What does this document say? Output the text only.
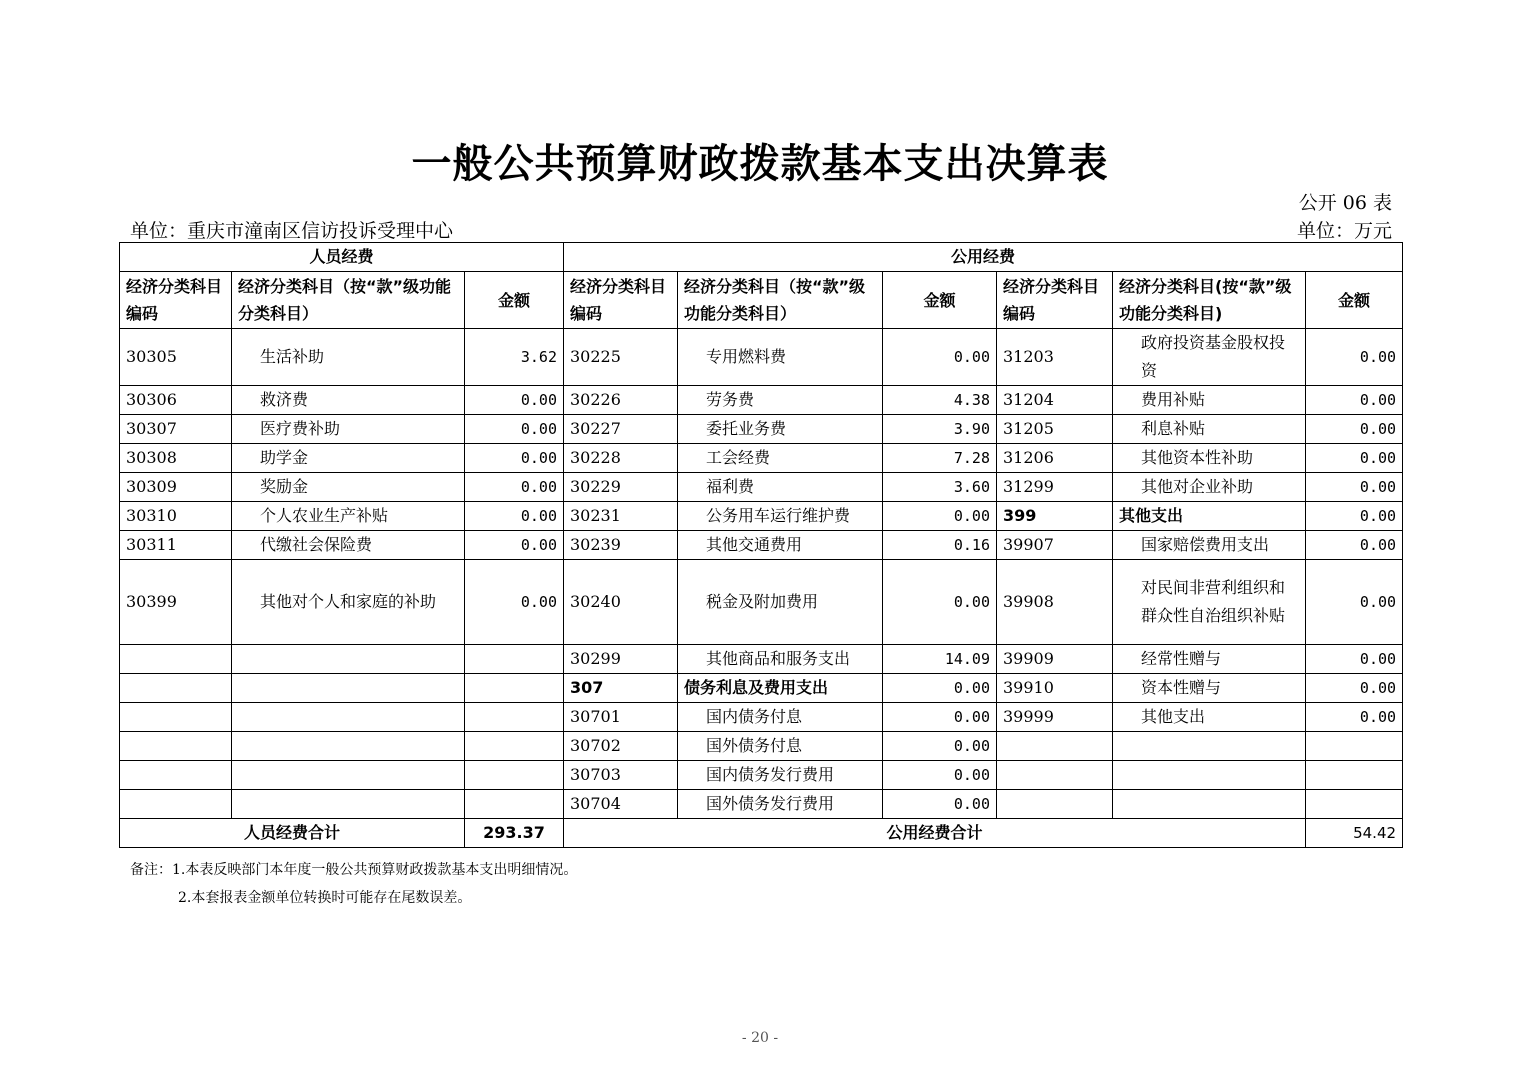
一般公共预算财政拨款基本支出决算表
公开 06 表
单位：重庆市潼南区信访投诉受理中心	单位：万元
人员经费			公用经费					
经济分类科目编码	经济分类科目（按“款”级功能分类科目）	金额	经济分类科目编码	经济分类科目（按“款”级功能分类科目）	金额	经济分类科目编码	经济分类科目(按“款”级功能分类科目)	金额
30305	生活补助	3.62	30225	专用燃料费	0.00	31203	政府投资基金股权投资	0.00
30306	救济费	0.00	30226	劳务费	4.38	31204	费用补贴	0.00
30307	医疗费补助	0.00	30227	委托业务费	3.90	31205	利息补贴	0.00
30308	助学金	0.00	30228	工会经费	7.28	31206	其他资本性补助	0.00
30309	奖励金	0.00	30229	福利费	3.60	31299	其他对企业补助	0.00
30310	个人农业生产补贴	0.00	30231	公务用车运行维护费	0.00	399	其他支出	0.00
30311	代缴社会保险费	0.00	30239	其他交通费用	0.16	39907	国家赔偿费用支出	0.00
30399	其他对个人和家庭的补助	0.00	30240	税金及附加费用	0.00	39908	对民间非营利组织和群众性自治组织补贴	0.00
			30299	其他商品和服务支出	14.09	39909	经常性赠与	0.00
			307	债务利息及费用支出	0.00	39910	资本性赠与	0.00
			30701	国内债务付息	0.00	39999	其他支出	0.00
			30702	国外债务付息	0.00			
			30703	国内债务发行费用	0.00			
			30704	国外债务发行费用	0.00			
人员经费合计		293.37	公用经费合计					54.42
备注：1.本表反映部门本年度一般公共预算财政拨款基本支出明细情况。
2.本套报表金额单位转换时可能存在尾数误差。
- 20 -
